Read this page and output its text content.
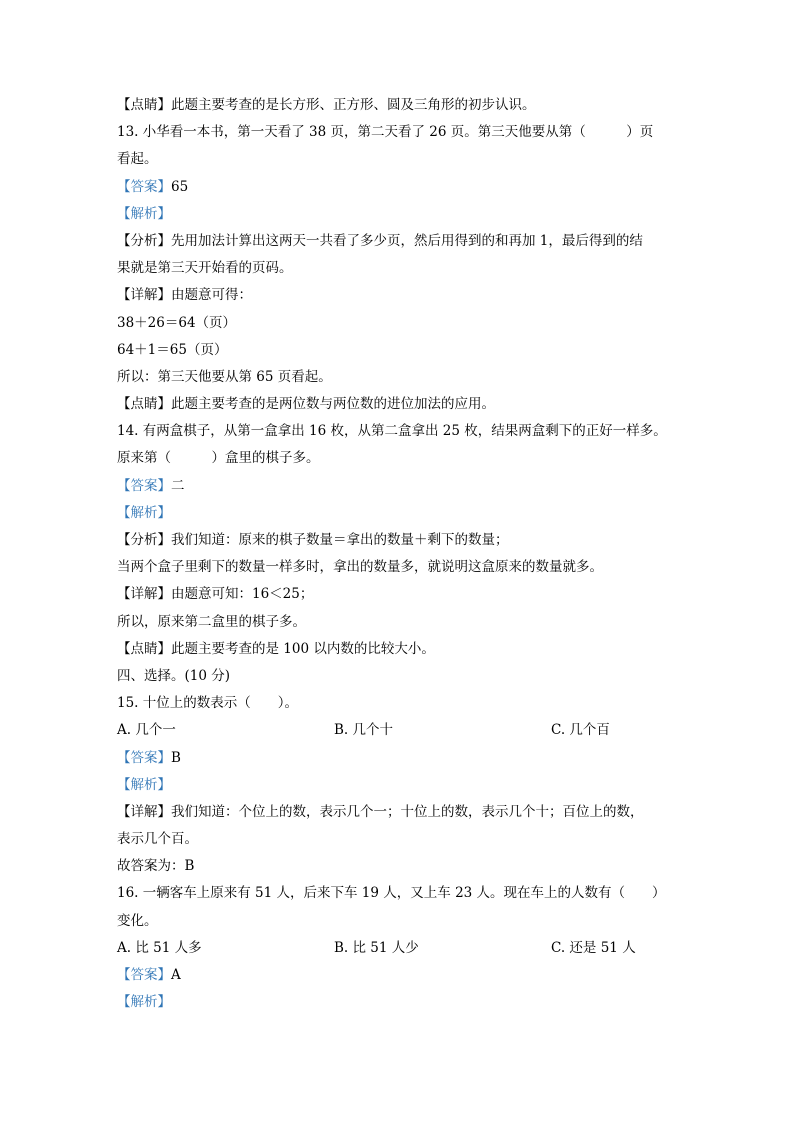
【点睛】此题主要考查的是长方形、正方形、圆及三角形的初步认识。
13. 小华看一本书，第一天看了 38 页，第二天看了 26 页。第三天他要从第（　　　）页
看起。
【答案】65
【解析】
【分析】先用加法计算出这两天一共看了多少页，然后用得到的和再加 1，最后得到的结
果就是第三天开始看的页码。
【详解】由题意可得：
38＋26＝64（页）
64＋1＝65（页）
所以：第三天他要从第 65 页看起。
【点睛】此题主要考查的是两位数与两位数的进位加法的应用。
14. 有两盒棋子，从第一盒拿出 16 枚，从第二盒拿出 25 枚，结果两盒剩下的正好一样多。
原来第（　　　）盒里的棋子多。
【答案】二
【解析】
【分析】我们知道：原来的棋子数量＝拿出的数量＋剩下的数量；
当两个盒子里剩下的数量一样多时，拿出的数量多，就说明这盒原来的数量就多。
【详解】由题意可知：16＜25；
所以，原来第二盒里的棋子多。
【点睛】此题主要考查的是 100 以内数的比较大小。
四、选择。(10 分)
15. 十位上的数表示（　　）。
A. 几个一	B. 几个十	C. 几个百
【答案】B
【解析】
【详解】我们知道：个位上的数，表示几个一；十位上的数，表示几个十；百位上的数，
表示几个百。
故答案为：B
16. 一辆客车上原来有 51 人，后来下车 19 人，又上车 23 人。现在车上的人数有（　　）
变化。
A. 比 51 人多	B. 比 51 人少	C. 还是 51 人
【答案】A
【解析】
